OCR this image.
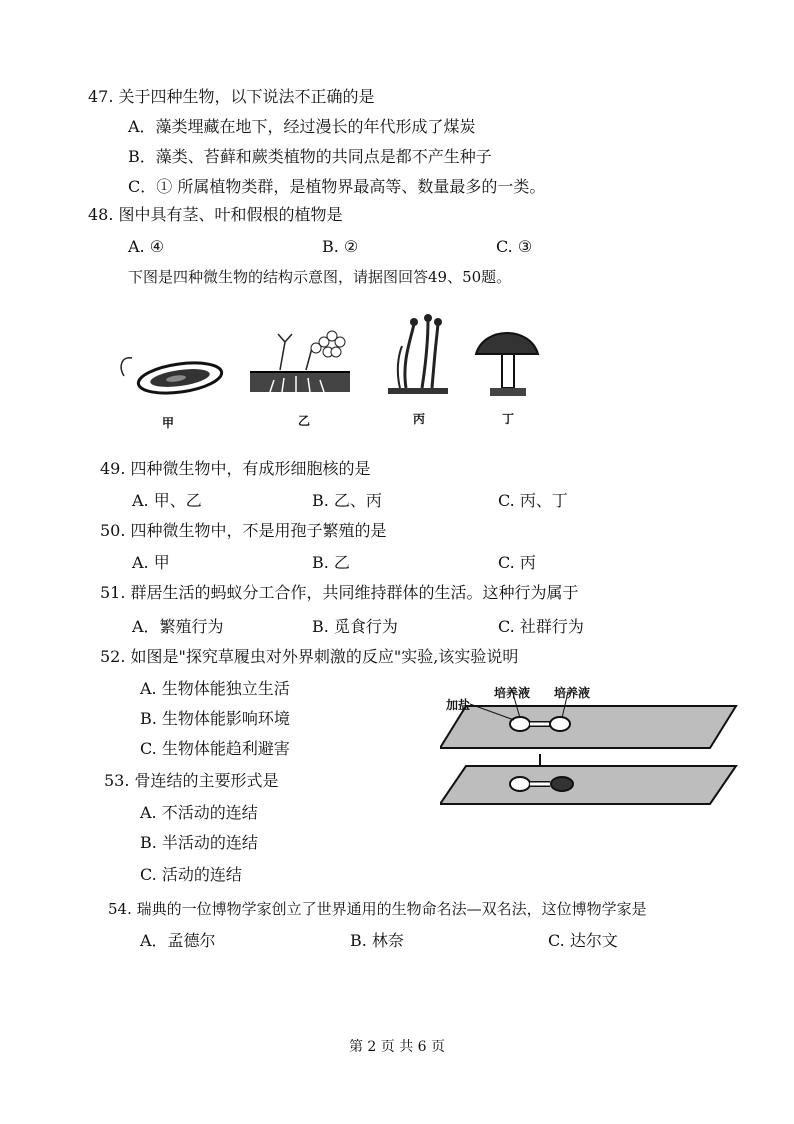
47. 关于四种生物，以下说法不正确的是
A．藻类埋藏在地下，经过漫长的年代形成了煤炭
B．藻类、苔藓和蕨类植物的共同点是都不产生种子
C．① 所属植物类群，是植物界最高等、数量最多的一类。
48. 图中具有茎、叶和假根的植物是
A. ④	B. ②	C. ③
下图是四种微生物的结构示意图，请据图回答49、50题。
甲	乙	丙	丁
49. 四种微生物中，有成形细胞核的是
A. 甲、乙	B. 乙、丙	C. 丙、丁
50. 四种微生物中，不是用孢子繁殖的是
A. 甲	B. 乙	C. 丙
51. 群居生活的蚂蚁分工合作，共同维持群体的生活。这种行为属于
A．繁殖行为	B. 觅食行为	C. 社群行为
52. 如图是"探究草履虫对外界刺激的反应"实验,该实验说明
A. 生物体能独立生活
B. 生物体能影响环境
C. 生物体能趋利避害
加盐
培养液 培养液
53. 骨连结的主要形式是
A. 不活动的连结
B. 半活动的连结
C. 活动的连结
54. 瑞典的一位博物学家创立了世界通用的生物命名法—双名法，这位博物学家是
A．孟德尔	B. 林奈	C. 达尔文
第 2 页 共 6 页
